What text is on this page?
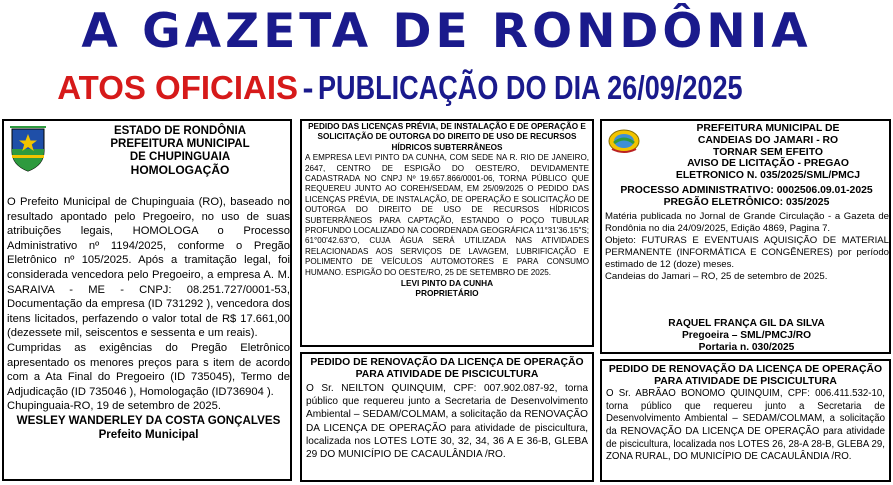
A GAZETA DE RONDÔNIA
ATOS OFICIAIS - PUBLICAÇÃO DO DIA 26/09/2025
ESTADO DE RONDÔNIA
PREFEITURA MUNICIPAL
DE CHUPINGUAIA
HOMOLOGAÇÃO
O Prefeito Municipal de Chupinguaia (RO), baseado no resultado apontado pelo Pregoeiro, no uso de suas atribuições legais, HOMOLOGA o Processo Administrativo nº 1194/2025, conforme o Pregão Eletrônico nº 105/2025. Após a tramitação legal, foi considerada vencedora pelo Pregoeiro, a empresa A. M. SARAIVA - ME - CNPJ: 08.251.727/0001-53, Documentação da empresa (ID 731292 ), vencedora dos itens licitados, perfazendo o valor total de R$ 17.661,00 (dezessete mil, seiscentos e sessenta e um reais).
Cumpridas as exigências do Pregão Eletrônico apresentado os menores preços para s item de acordo com a Ata Final do Pregoeiro (ID 735045), Termo de Adjudicação (ID 735046 ), Homologação (ID736904 ).
Chupinguaia-RO, 19 de setembro de 2025.
WESLEY WANDERLEY DA COSTA GONÇALVES
Prefeito Municipal
PEDIDO DAS LICENÇAS PRÉVIA, DE INSTALAÇÃO E DE OPERAÇÃO E SOLICITAÇÃO DE OUTORGA DO DIREITO DE USO DE RECURSOS HÍDRICOS SUBTERRÂNEOS
A EMPRESA LEVI PINTO DA CUNHA, COM SEDE NA R. RIO DE JANEIRO, 2647, CENTRO DE ESPIGÃO DO OESTE/RO, DEVIDAMENTE CADASTRADA NO CNPJ Nº 19.657.866/0001-06, TORNA PÚBLICO QUE REQUEREU JUNTO AO COREH/SEDAM, EM 25/09/2025 O PEDIDO DAS LICENÇAS PRÉVIA, DE INSTALAÇÃO, DE OPERAÇÃO E SOLICITAÇÃO DE OUTORGA DO DIREITO DE USO DE RECURSOS HÍDRICOS SUBTERRÂNEOS PARA CAPTAÇÃO, ESTANDO O POÇO TUBULAR PROFUNDO LOCALIZADO NA COORDENADA GEOGRÁFICA 11°31'36.15"S; 61°00'42.63"O, CUJA ÁGUA SERÁ UTILIZADA NAS ATIVIDADES RELACIONADAS AOS SERVIÇOS DE LAVAGEM, LUBRIFICAÇÃO E POLIMENTO DE VEÍCULOS AUTOMOTORES E PARA CONSUMO HUMANO. ESPIGÃO DO OESTE/RO, 25 DE SETEMBRO DE 2025.
LEVI PINTO DA CUNHA
PROPRIETÁRIO
PEDIDO DE RENOVAÇÃO DA LICENÇA DE OPERAÇÃO PARA ATIVIDADE DE PISCICULTURA
O Sr. NEILTON QUINQUIM, CPF: 007.902.087-92, torna público que requereu junto a Secretaria de Desenvolvimento Ambiental – SEDAM/COLMAM, a solicitação da RENOVAÇÃO DA LICENÇA DE OPERAÇÃO para atividade de piscicultura, localizada nos LOTES LOTE 30, 32, 34, 36 A E 36-B, GLEBA 29 DO MUNICÍPIO DE CACAULÂNDIA /RO.
PREFEITURA MUNICIPAL DE
CANDEIAS DO JAMARI - RO
TORNAR SEM EFEITO
AVISO DE LICITAÇÃO - PREGAO
ELETRONICO N. 035/2025/SML/PMCJ
PROCESSO ADMINISTRATIVO: 0002506.09.01-2025
PREGÃO ELETRÔNICO: 035/2025
Matéria publicada no Jornal de Grande Circulação - a Gazeta de Rondônia no dia 24/09/2025, Edição 4869, Pagina 7.
Objeto: FUTURAS E EVENTUAIS AQUISIÇÃO DE MATERIAL PERMANENTE (INFORMÁTICA E CONGÊNERES) por período estimado de 12 (doze) meses.
Candeias do Jamari – RO, 25 de setembro de 2025.
RAQUEL FRANÇA GIL DA SILVA
Pregoeira – SML/PMCJ/RO
Portaria n. 030/2025
PEDIDO DE RENOVAÇÃO DA LICENÇA DE OPERAÇÃO PARA ATIVIDADE DE PISCICULTURA
O Sr. ABRÃAO BONOMO QUINQUIM, CPF: 006.411.532-10, torna público que requereu junto a Secretaria de Desenvolvimento Ambiental – SEDAM/COLMAM, a solicitação da RENOVAÇÃO DA LICENÇA DE OPERAÇÃO para atividade de piscicultura, localizada nos LOTES 26, 28-A 28-B, GLEBA 29, ZONA RURAL, DO MUNICÍPIO DE CACAULÂNDIA /RO.
